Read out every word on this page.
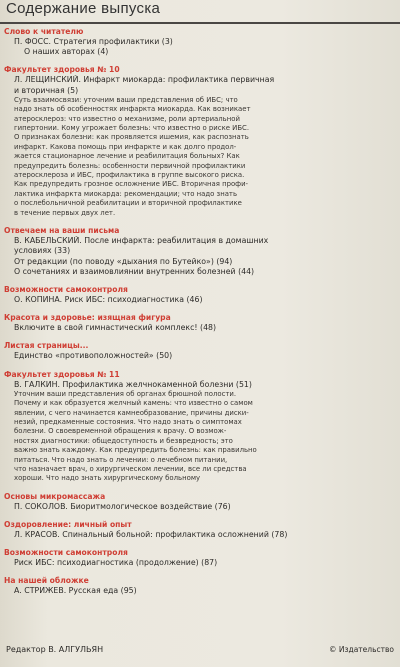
Содержание выпуска
Слово к читателю
П. ФОСС. Стратегия профилактики (3)
О наших авторах (4)
Факультет здоровья № 10
Л. ЛЕЩИНСКИЙ. Инфаркт миокарда: профилактика первичная
и вторичная (5)
Суть взаимосвязи: уточним ваши представления об ИБС; что
надо знать об особенностях инфаркта миокарда. Как возникает
атеросклероз: что известно о механизме, роли артериальной
гипертонии. Кому угрожает болезнь: что известно о риске ИБС.
О признаках болезни: как проявляется ишемия, как распознать
инфаркт. Какова помощь при инфаркте и как долго продол-
жается стационарное лечение и реабилитация больных? Как
предупредить болезнь: особенности первичной профилактики
атеросклероза и ИБС, профилактика в группе высокого риска.
Как предупредить грозное осложнение ИБС. Вторичная профи-
лактика инфаркта миокарда: рекомендации; что надо знать
о послебольничной реабилитации и вторичной профилактике
в течение первых двух лет.
Отвечаем на ваши письма
В. КАБЕЛЬСКИЙ. После инфаркта: реабилитация в домашних
условиях (33)
От редакции (по поводу «дыхания по Бутейко») (94)
О сочетаниях и взаимовлиянии внутренних болезней (44)
Возможности самоконтроля
О. КОПИНА. Риск ИБС: психодиагностика (46)
Красота и здоровье: изящная фигура
Включите в свой гимнастический комплекс! (48)
Листая страницы...
Единство «противоположностей» (50)
Факультет здоровья № 11
В. ГАЛКИН. Профилактика желчнокаменной болезни (51)
Уточним ваши представления об органах брюшной полости.
Почему и как образуется желчный камень: что известно о самом
явлении, с чего начинается камнеобразование, причины диски-
незий, предкаменные состояния. Что надо знать о симптомах
болезни. О своевременной обращения к врачу. О возмож-
ностях диагностики: общедоступность и безвредность; это
важно знать каждому. Как предупредить болезнь: как правильно
питаться. Что надо знать о лечении: о лечебном питании,
что назначает врач, о хирургическом лечении, все ли средства
хороши. Что надо знать хирургическому больному
Основы микромассажа
П. СОКОЛОВ. Биоритмологическое воздействие (76)
Оздоровление: личный опыт
Л. КРАСОВ. Спинальный больной: профилактика осложнений (78)
Возможности самоконтроля
Риск ИБС: психодиагностика (продолжение) (87)
На нашей обложке
А. СТРИЖЕВ. Русская еда (95)
Редактор В. АЛГУЛЬЯН	© Издательство
